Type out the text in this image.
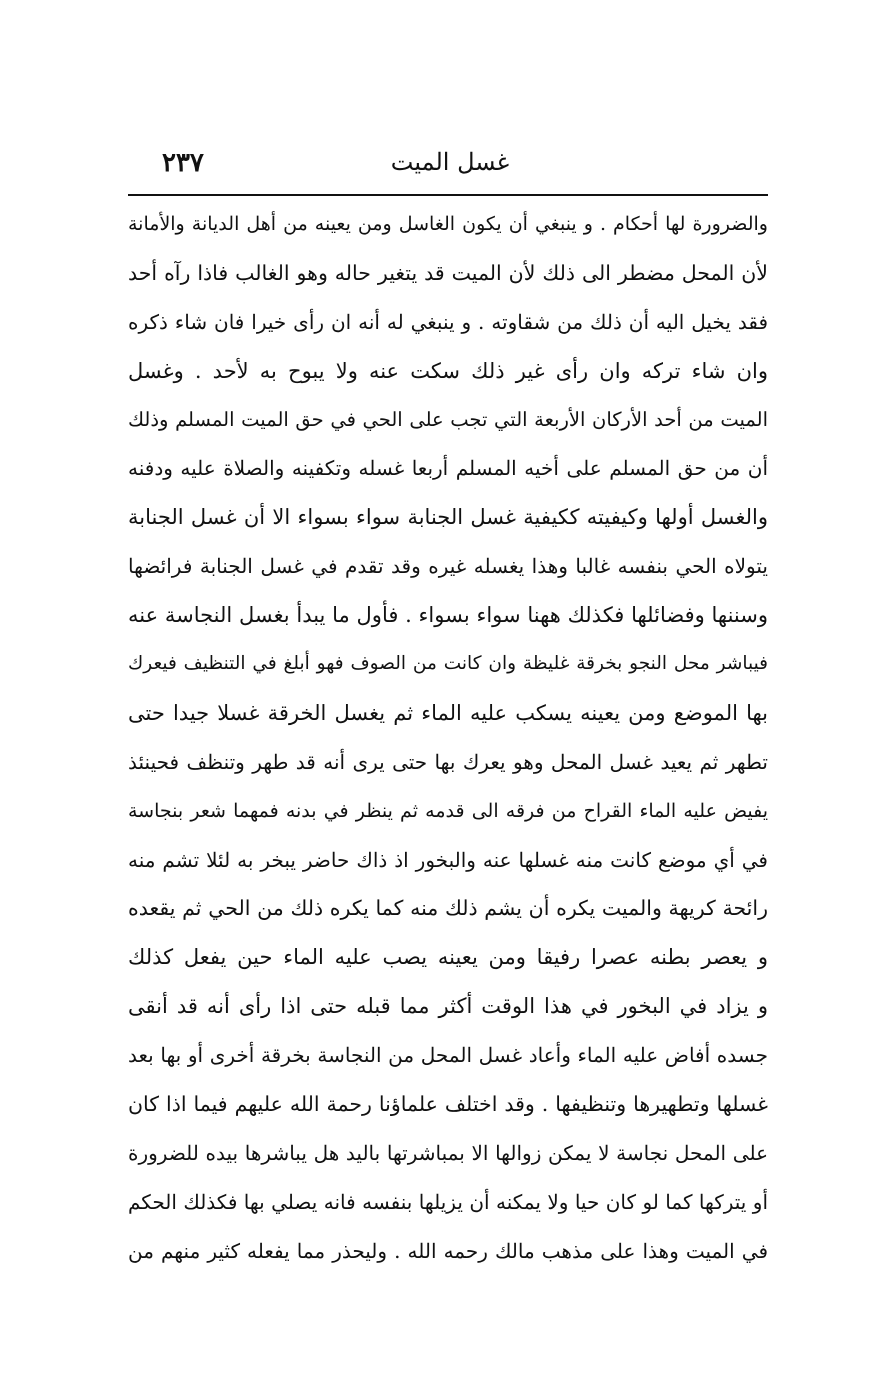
٢٣٧	غسل الميت
والضرورة لها أحكام . و ينبغي أن يكون الغاسل ومن يعينه من أهل الديانة والأمانة
لأن المحل مضطر الى ذلك لأن الميت قد يتغير حاله وهو الغالب فاذا رآه أحد
فقد يخيل اليه أن ذلك من شقاوته . و ينبغي له أنه ان رأى خيرا فان شاء ذكره
وان شاء تركه وان رأى غير ذلك سكت عنه ولا يبوح به لأحد . وغسل
الميت من أحد الأركان الأربعة التي تجب على الحي في حق الميت المسلم وذلك
أن من حق المسلم على أخيه المسلم أربعا غسله وتكفينه والصلاة عليه ودفنه
والغسل أولها وكيفيته ككيفية غسل الجنابة سواء بسواء الا أن غسل الجنابة
يتولاه الحي بنفسه غالبا وهذا يغسله غيره وقد تقدم في غسل الجنابة فرائضها
وسننها وفضائلها فكذلك ههنا سواء بسواء . فأول ما يبدأ بغسل النجاسة عنه
فيباشر محل النجو بخرقة غليظة وان كانت من الصوف فهو أبلغ في التنظيف فيعرك
بها الموضع ومن يعينه يسكب عليه الماء ثم يغسل الخرقة غسلا جيدا حتى
تطهر ثم يعيد غسل المحل وهو يعرك بها حتى يرى أنه قد طهر وتنظف فحينئذ
يفيض عليه الماء القراح من فرقه الى قدمه ثم ينظر في بدنه فمهما شعر بنجاسة
في أي موضع كانت منه غسلها عنه والبخور اذ ذاك حاضر يبخر به لئلا تشم منه
رائحة كريهة والميت يكره أن يشم ذلك منه كما يكره ذلك من الحي ثم يقعده
و يعصر بطنه عصرا رفيقا ومن يعينه يصب عليه الماء حين يفعل كذلك
و يزاد في البخور في هذا الوقت أكثر مما قبله حتى اذا رأى أنه قد أنقى
جسده أفاض عليه الماء وأعاد غسل المحل من النجاسة بخرقة أخرى أو بها بعد
غسلها وتطهيرها وتنظيفها . وقد اختلف علماؤنا رحمة الله عليهم فيما اذا كان
على المحل نجاسة لا يمكن زوالها الا بمباشرتها باليد هل يباشرها بيده للضرورة
أو يتركها كما لو كان حيا ولا يمكنه أن يزيلها بنفسه فانه يصلي بها فكذلك الحكم
في الميت وهذا على مذهب مالك رحمه الله . وليحذر مما يفعله كثير منهم من
